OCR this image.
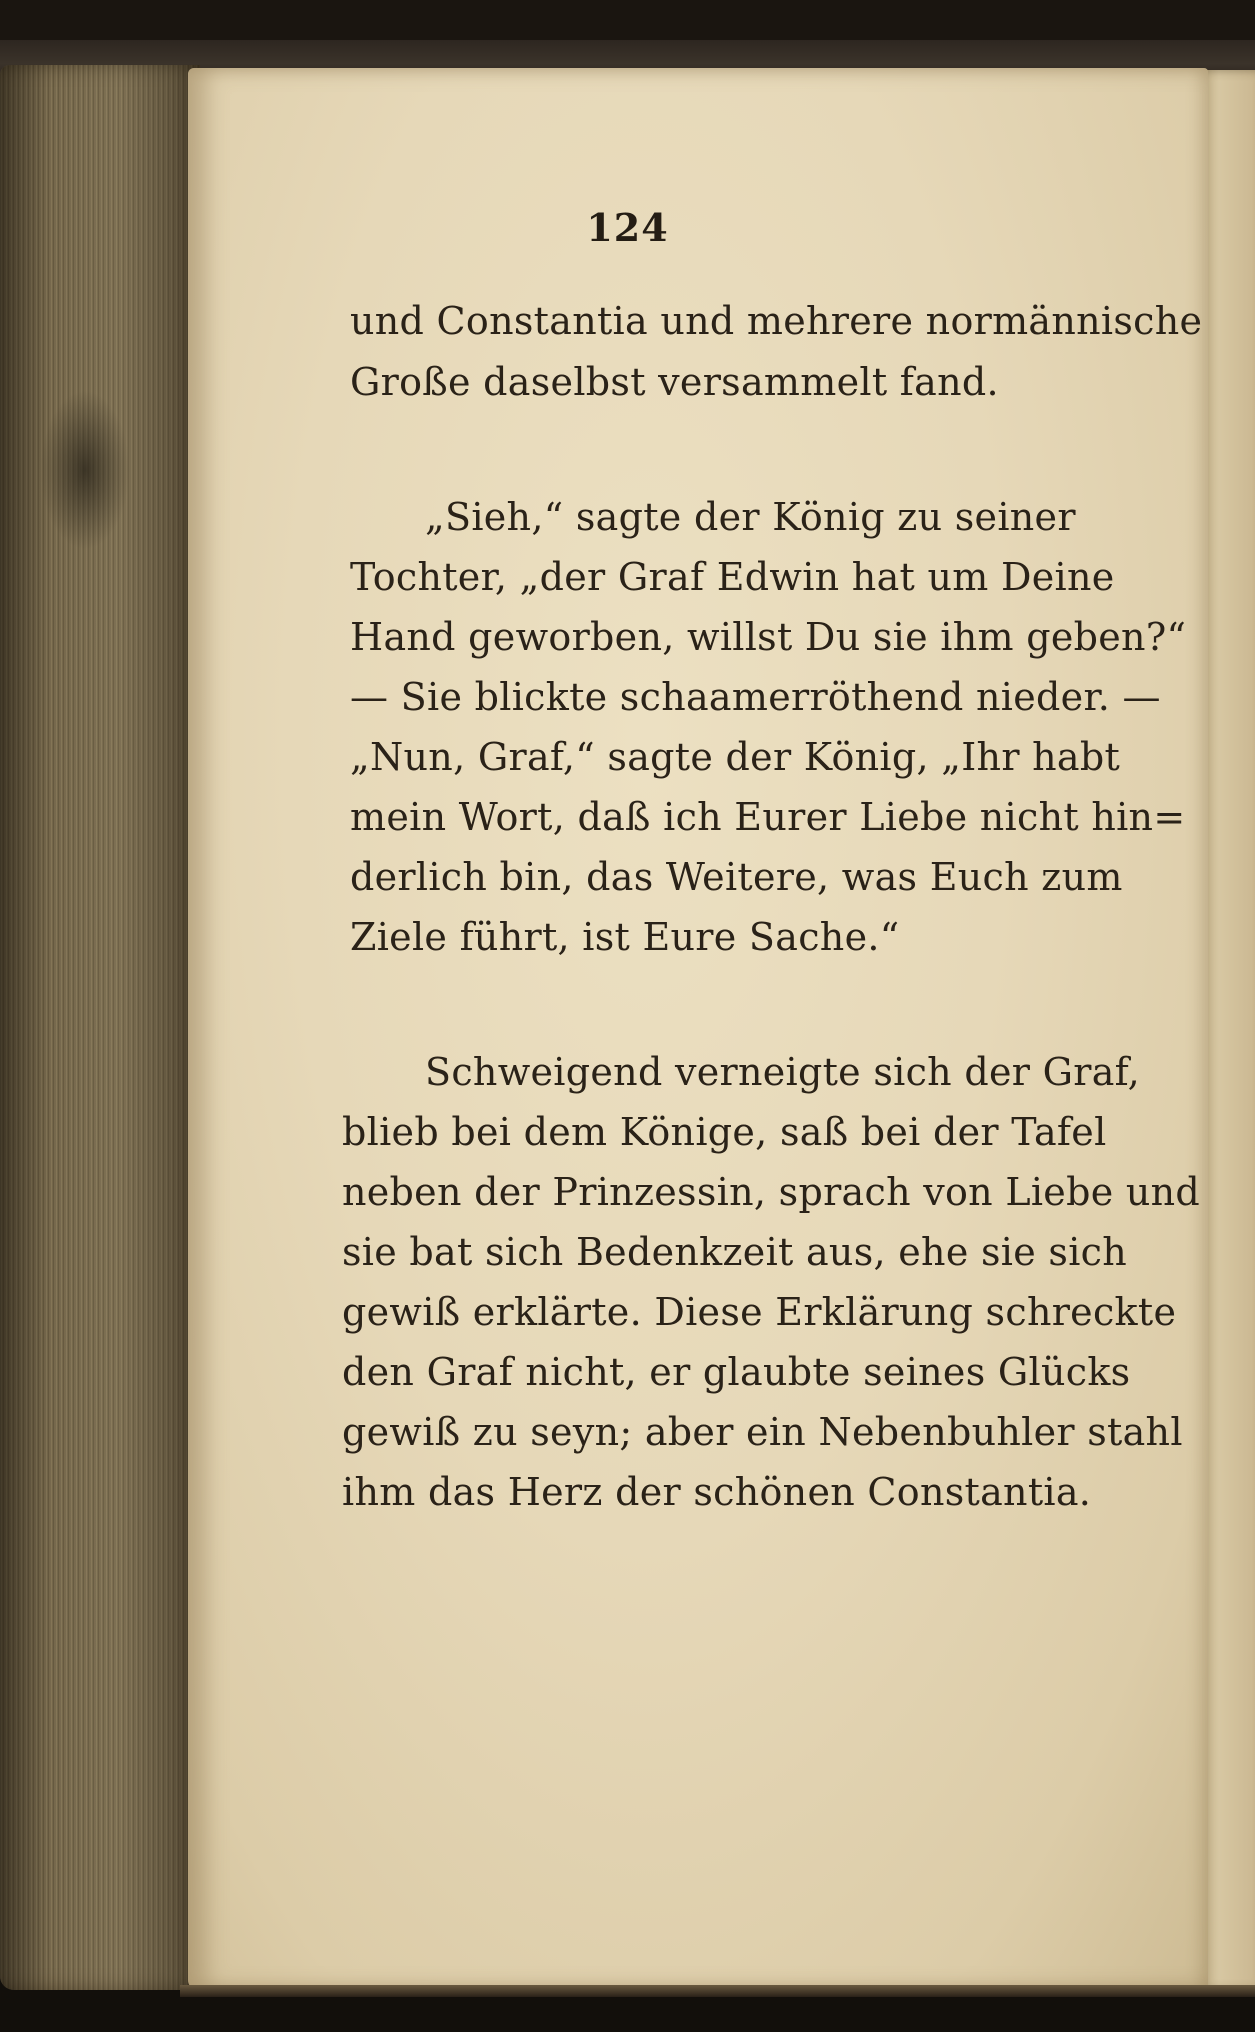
124
und Constantia und mehrere normännische
Große daselbst versammelt fand.
„Sieh,“ sagte der König zu seiner
Tochter, „der Graf Edwin hat um Deine
Hand geworben, willst Du sie ihm geben?“
— Sie blickte schaamerröthend nieder. —
„Nun, Graf,“ sagte der König, „Ihr habt
mein Wort, daß ich Eurer Liebe nicht hin=
derlich bin, das Weitere, was Euch zum
Ziele führt, ist Eure Sache.“
Schweigend verneigte sich der Graf,
blieb bei dem Könige, saß bei der Tafel
neben der Prinzessin, sprach von Liebe und
sie bat sich Bedenkzeit aus, ehe sie sich
gewiß erklärte. Diese Erklärung schreckte
den Graf nicht, er glaubte seines Glücks
gewiß zu seyn; aber ein Nebenbuhler stahl
ihm das Herz der schönen Constantia.
